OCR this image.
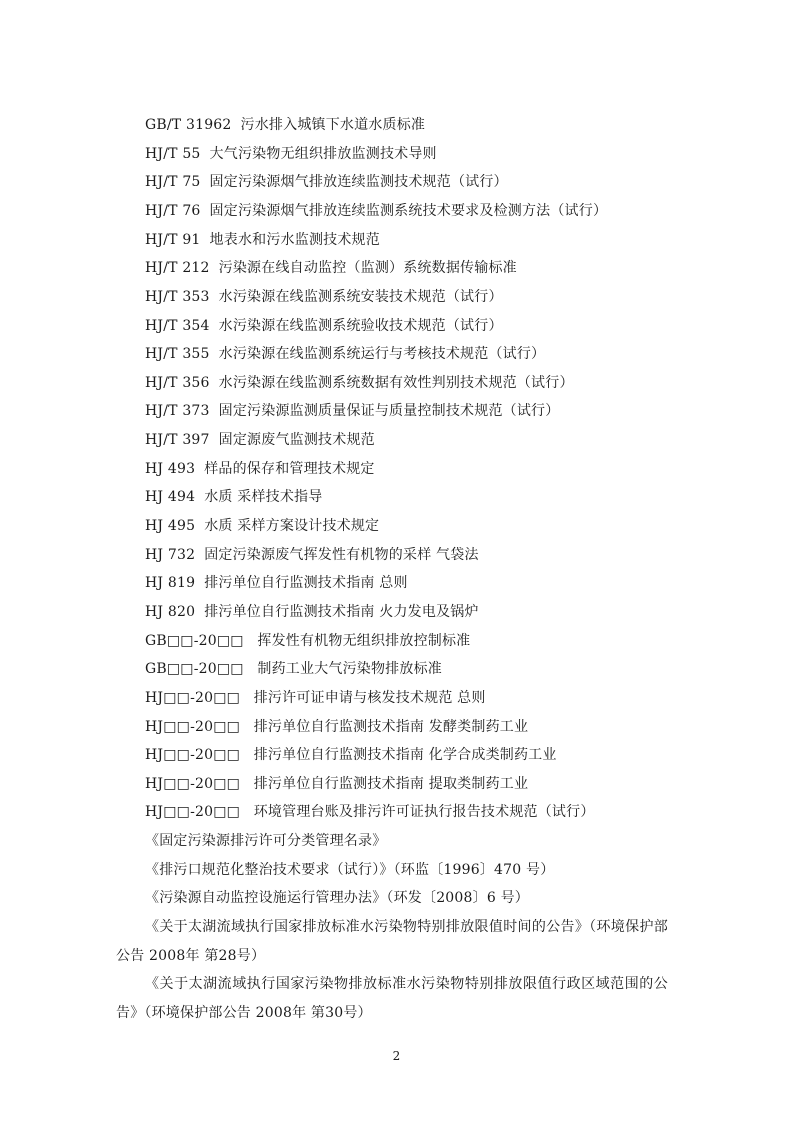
GB/T 31962 污水排入城镇下水道水质标准
HJ/T 55 大气污染物无组织排放监测技术导则
HJ/T 75 固定污染源烟气排放连续监测技术规范（试行）
HJ/T 76 固定污染源烟气排放连续监测系统技术要求及检测方法（试行）
HJ/T 91 地表水和污水监测技术规范
HJ/T 212 污染源在线自动监控（监测）系统数据传输标准
HJ/T 353 水污染源在线监测系统安装技术规范（试行）
HJ/T 354 水污染源在线监测系统验收技术规范（试行）
HJ/T 355 水污染源在线监测系统运行与考核技术规范（试行）
HJ/T 356 水污染源在线监测系统数据有效性判别技术规范（试行）
HJ/T 373 固定污染源监测质量保证与质量控制技术规范（试行）
HJ/T 397 固定源废气监测技术规范
HJ 493 样品的保存和管理技术规定
HJ 494 水质 采样技术指导
HJ 495 水质 采样方案设计技术规定
HJ 732 固定污染源废气挥发性有机物的采样 气袋法
HJ 819 排污单位自行监测技术指南 总则
HJ 820 排污单位自行监测技术指南 火力发电及锅炉
GB□□-20□□ 挥发性有机物无组织排放控制标准
GB□□-20□□ 制药工业大气污染物排放标准
HJ□□-20□□ 排污许可证申请与核发技术规范 总则
HJ□□-20□□ 排污单位自行监测技术指南 发酵类制药工业
HJ□□-20□□ 排污单位自行监测技术指南 化学合成类制药工业
HJ□□-20□□ 排污单位自行监测技术指南 提取类制药工业
HJ□□-20□□ 环境管理台账及排污许可证执行报告技术规范（试行）
《固定污染源排污许可分类管理名录》
《排污口规范化整治技术要求（试行）》（环监〔1996〕470 号）
《污染源自动监控设施运行管理办法》（环发〔2008〕6 号）

《关于太湖流域执行国家排放标准水污染物特别排放限值时间的公告》（环境保护部公告 2008年 第28号）

《关于太湖流域执行国家污染物排放标准水污染物特别排放限值行政区域范围的公告》（环境保护部公告 2008年 第30号）

2
